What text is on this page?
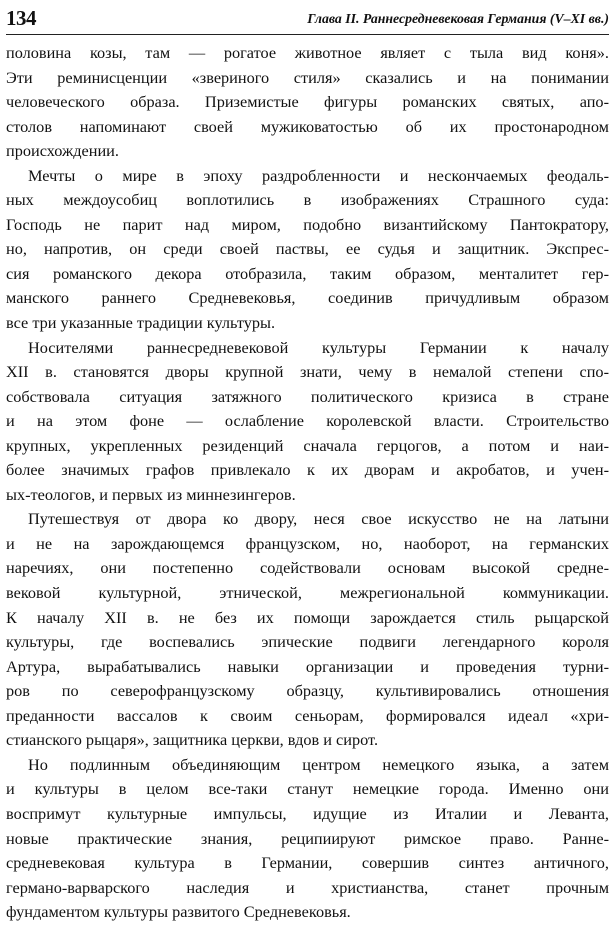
134	Глава II. Раннесредневековая Германия (V–XI вв.)
половина козы, там — рогатое животное являет с тыла вид коня».
Эти реминисценции «звериного стиля» сказались и на понимании
человеческого образа. Приземистые фигуры романских святых, апо-
столов напоминают своей мужиковатостью об их простонародном
происхождении.
Мечты о мире в эпоху раздробленности и нескончаемых феодаль-
ных междоусобиц воплотились в изображениях Страшного суда:
Господь не парит над миром, подобно византийскому Пантократору,
но, напротив, он среди своей паствы, ее судья и защитник. Экспрес-
сия романского декора отобразила, таким образом, менталитет гер-
манского раннего Средневековья, соединив причудливым образом
все три указанные традиции культуры.
Носителями раннесредневековой культуры Германии к началу
XII в. становятся дворы крупной знати, чему в немалой степени спо-
собствовала ситуация затяжного политического кризиса в стране
и на этом фоне — ослабление королевской власти. Строительство
крупных, укрепленных резиденций сначала герцогов, а потом и наи-
более значимых графов привлекало к их дворам и акробатов, и учен-
ых-теологов, и первых из миннезингеров.
Путешествуя от двора ко двору, неся свое искусство не на латыни
и не на зарождающемся французском, но, наоборот, на германских
наречиях, они постепенно содействовали основам высокой средне-
вековой культурной, этнической, межрегиональной коммуникации.
К началу XII в. не без их помощи зарождается стиль рыцарской
культуры, где воспевались эпические подвиги легендарного короля
Артура, вырабатывались навыки организации и проведения турни-
ров по северофранцузскому образцу, культивировались отношения
преданности вассалов к своим сеньорам, формировался идеал «хри-
стианского рыцаря», защитника церкви, вдов и сирот.
Но подлинным объединяющим центром немецкого языка, а затем
и культуры в целом все-таки станут немецкие города. Именно они
воспримут культурные импульсы, идущие из Италии и Леванта,
новые практические знания, реципиируют римское право. Ранне-
средневековая культура в Германии, совершив синтез античного,
германо-варварского наследия и христианства, станет прочным
фундаментом культуры развитого Средневековья.
